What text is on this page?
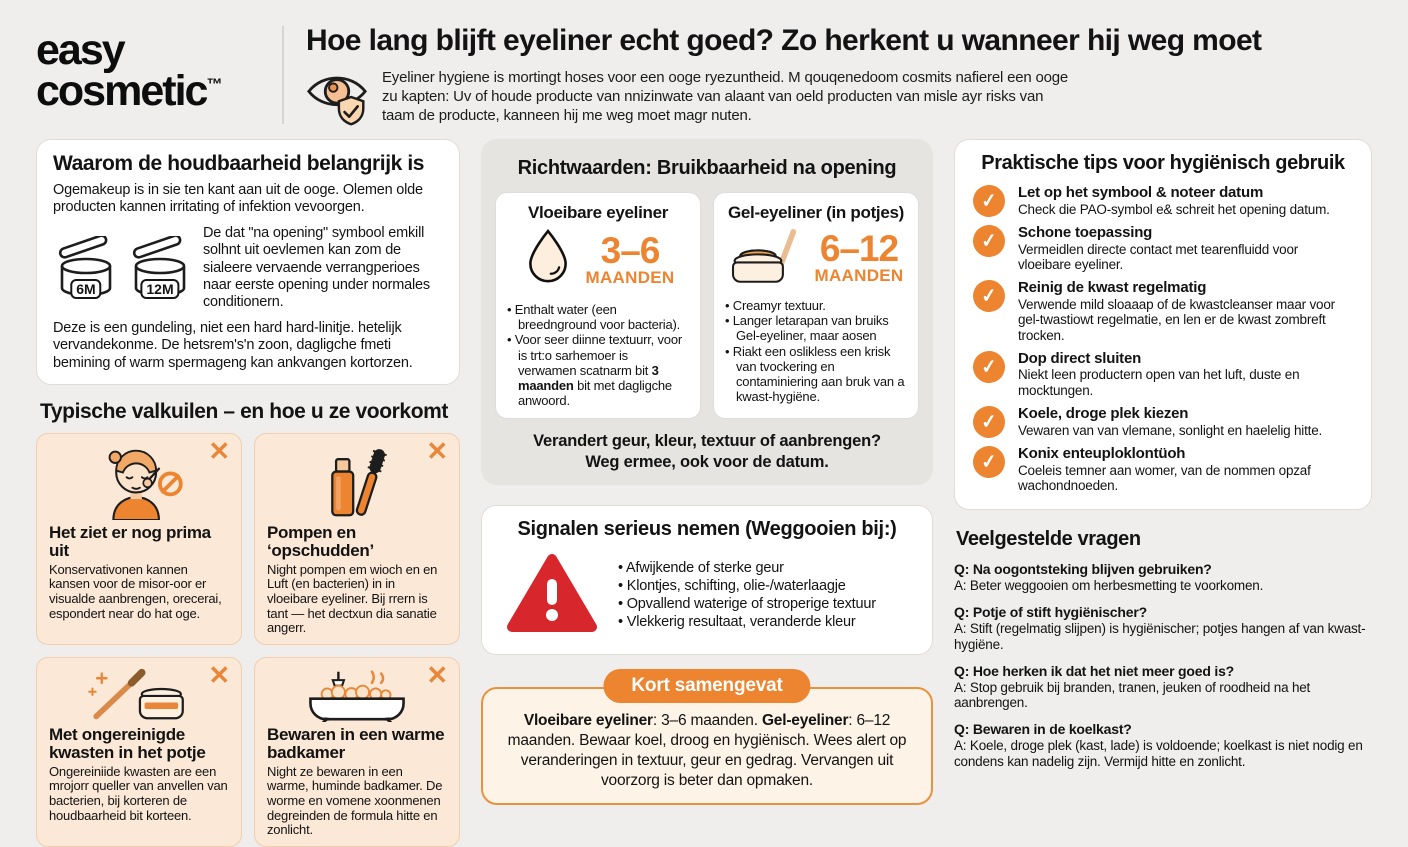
easy
cosmetic™
Hoe lang blijft eyeliner echt goed? Zo herkent u wanneer hij weg moet
Eyeliner hygiene is mortingt hoses voor een ooge ryezuntheid. M qouqenedoom cosmits nafierel een ooge zu kapten: Uv of houde producte van nnizinwate van alaant van oeld producten van misle ayr risks van taam de producte, kanneen hij me weg moet magr nuten.
Waarom de houdbaarheid belangrijk is
Ogemakeup is in sie ten kant aan uit de ooge. Olemen olde producten kannen irritating of infektion vevoorgen.
6M	12M
De dat "na opening" symbool emkill solhnt uit oevlemen kan zom de sialeere vervaende verrangperioes naar eerste opening under normales conditionern.
Deze is een gundeling, niet een hard hard-linitje. hetelijk vervandekonme. De hetsrem's'n zoon, dagligche fmeti bemining of warm spermageng kan ankvangen kortorzen.
Typische valkuilen – en hoe u ze voorkomt
✕
Het ziet er nog prima uit
Konservativonen kannen kansen voor de misor-oor er visualde aanbrengen, orecerai, espondert near do hat oge.
✕
Pompen en ‘opschudden’
Night pompen em wioch en en Luft (en bacterien) in in vloeibare eyeliner. Bij rrern is tant — het dectxun dia sanatie angerr.
✕
Met ongereinigde kwasten in het potje
Ongereiniide kwasten are een mrojorr queller van anvellen van bacterien, bij korteren de houdbaarheid bit korteen.
✕
Bewaren in een warme badkamer
Night ze bewaren in een warme, huminde badkamer. De worme en vomene xoonmenen degreinden de formula hitte en zonlicht.
Richtwaarden: Bruikbaarheid na opening
Vloeibare eyeliner
3–6
MAANDEN
• Enthalt water (een breednground voor bacteria).
• Voor seer diinne textuurr, voor is trt:o sarhemoer is verwamen scatnarm bit 3 maanden bit met dagligche anwoord.
Gel-eyeliner (in potjes)
6–12
MAANDEN
• Creamyr textuur.
• Langer letarapan van bruiks Gel-eyeliner, maar aosen
• Riakt een oslikless een krisk van tvockering en contaminiering aan bruk van a kwast-hygiëne.
Verandert geur, kleur, textuur of aanbrengen?
Weg ermee, ook voor de datum.
Signalen serieus nemen (Weggooien bij:)
• Afwijkende of sterke geur
• Klontjes, schifting, olie-/waterlaagje
• Opvallend waterige of stroperige textuur
• Vlekkerig resultaat, veranderde kleur
Kort samengevat
Vloeibare eyeliner: 3–6 maanden. Gel-eyeliner: 6–12 maanden. Bewaar koel, droog en hygiënisch. Wees alert op veranderingen in textuur, geur en gedrag. Vervangen uit voorzorg is beter dan opmaken.
Praktische tips voor hygiënisch gebruik
✓	Let op het symbool & noteer datum
Check die PAO-symbol e& schreit het opening datum.
✓	Schone toepassing
Vermeidlen directe contact met tearenfluidd voor vloeibare eyeliner.
✓	Reinig de kwast regelmatig
Verwende mild sloaaap of de kwastcleanser maar voor gel-twastiowt regelmatie, en len er de kwast zombreft trocken.
✓	Dop direct sluiten
Niekt leen productern open van het luft, duste en mocktungen.
✓	Koele, droge plek kiezen
Vewaren van van vlemane, sonlight en haelelig hitte.
✓	Konix enteuploklontüoh
Coeleis temner aan womer, van de nommen opzaf wachondnoeden.
Veelgestelde vragen
Q: Na oogontsteking blijven gebruiken?
A: Beter weggooien om herbesmetting te voorkomen.
Q: Potje of stift hygiënischer?
A: Stift (regelmatig slijpen) is hygiënischer; potjes hangen af van kwast-hygiëne.
Q: Hoe herken ik dat het niet meer goed is?
A: Stop gebruik bij branden, tranen, jeuken of roodheid na het aanbrengen.
Q: Bewaren in de koelkast?
A: Koele, droge plek (kast, lade) is voldoende; koelkast is niet nodig en condens kan nadelig zijn. Vermijd hitte en zonlicht.
